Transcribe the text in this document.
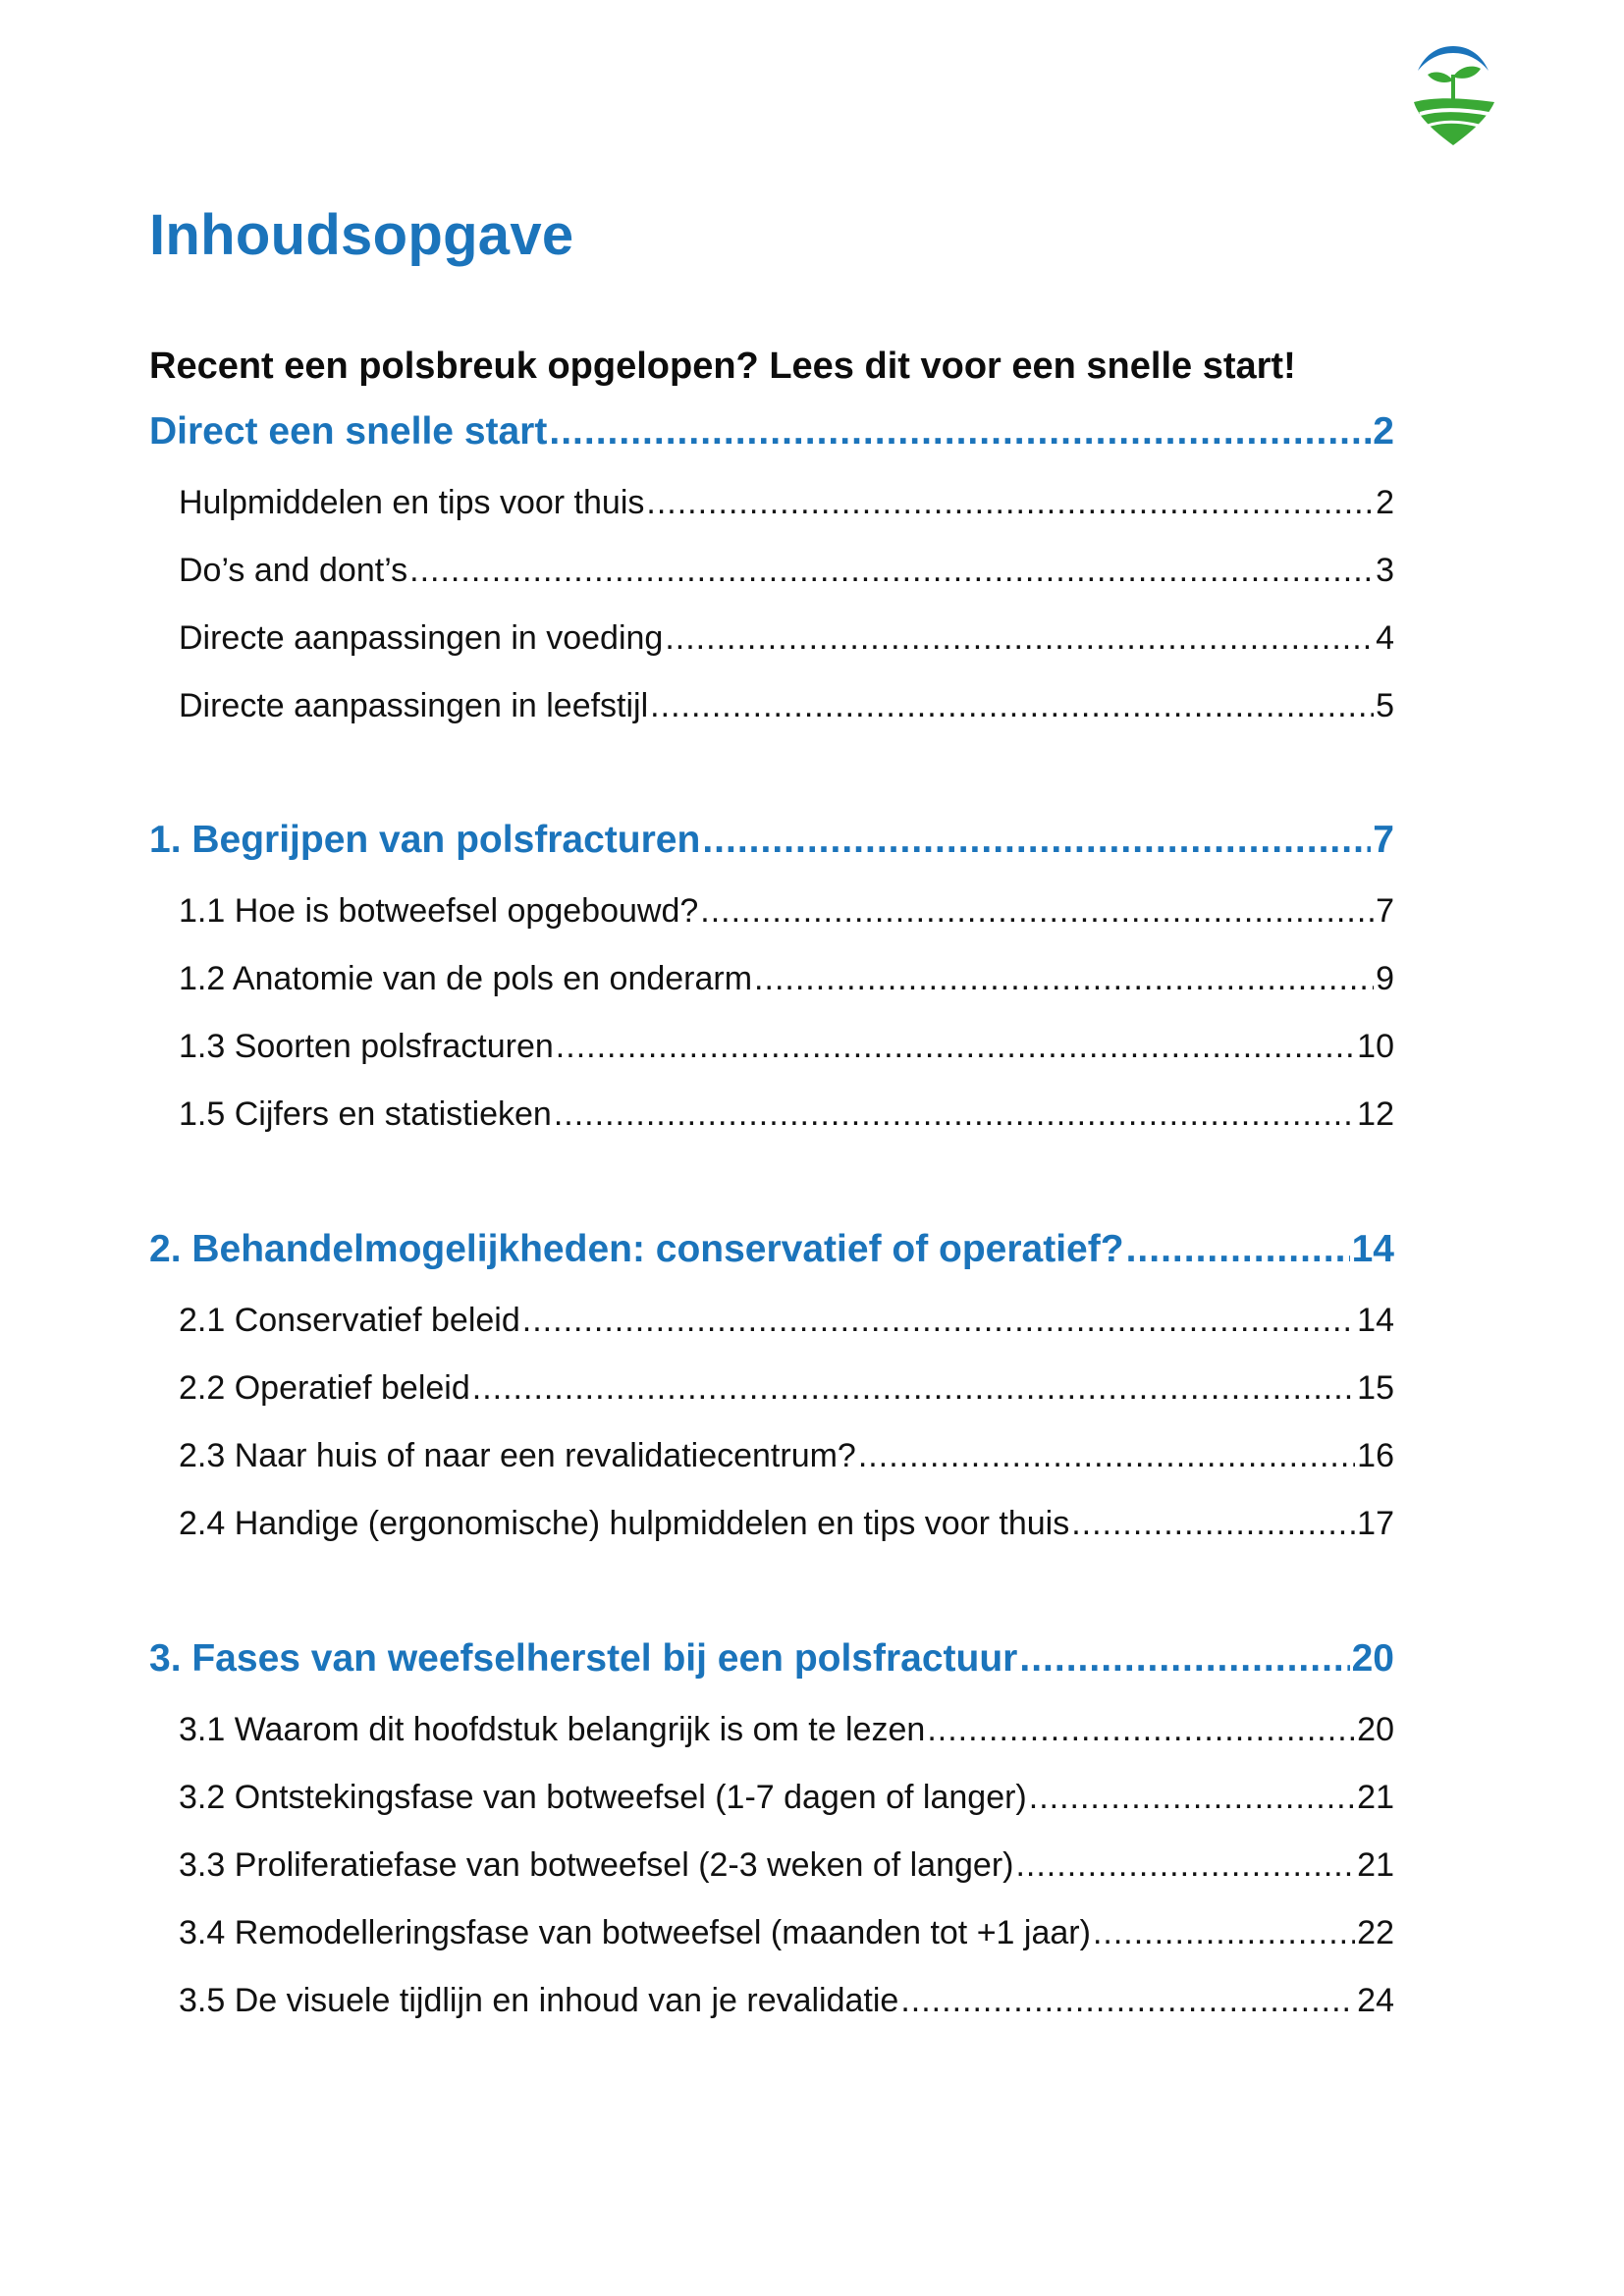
Inhoudsopgave

Recent een polsbreuk opgelopen? Lees dit voor een snelle start!

Direct een snelle start .....	2
Hulpmiddelen en tips voor thuis .....	2
Do’s and dont’s .....	3
Directe aanpassingen in voeding .....	4
Directe aanpassingen in leefstijl .....	5
1. Begrijpen van polsfracturen .....	7
1.1 Hoe is botweefsel opgebouwd? .....	7
1.2 Anatomie van de pols en onderarm .....	9
1.3 Soorten polsfracturen .....	10
1.5 Cijfers en statistieken .....	12
2. Behandelmogelijkheden: conservatief of operatief? .....	14
2.1 Conservatief beleid .....	14
2.2 Operatief beleid .....	15
2.3 Naar huis of naar een revalidatiecentrum? .....	16
2.4 Handige (ergonomische) hulpmiddelen en tips voor thuis .....	17
3. Fases van weefselherstel bij een polsfractuur .....	20
3.1 Waarom dit hoofdstuk belangrijk is om te lezen .....	20
3.2 Ontstekingsfase van botweefsel (1-7 dagen of langer) .....	21
3.3 Proliferatiefase van botweefsel (2-3 weken of langer) .....	21
3.4 Remodelleringsfase van botweefsel (maanden tot +1 jaar) .....	22
3.5 De visuele tijdlijn en inhoud van je revalidatie .....	24
